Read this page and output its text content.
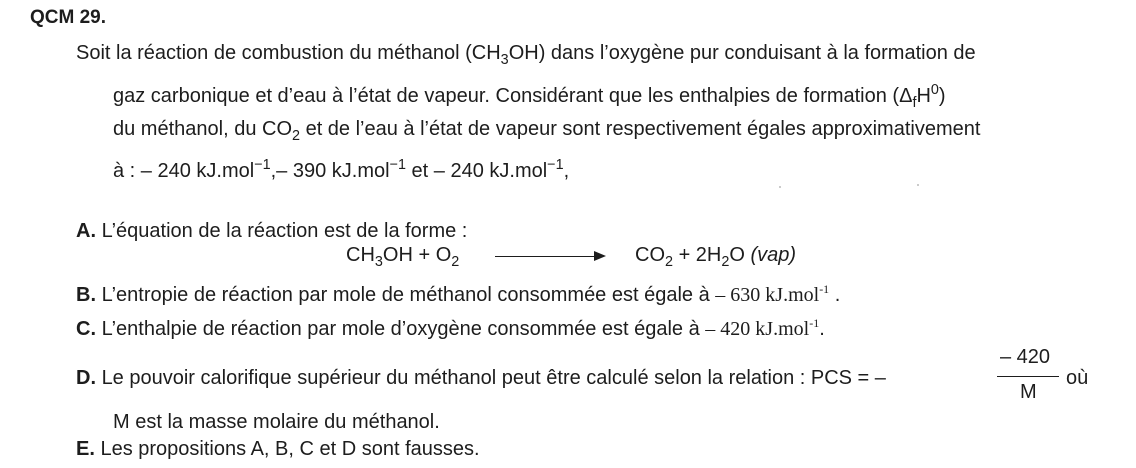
QCM 29.
Soit la réaction de combustion du méthanol $(CH_3OH)$ dans l’oxygène pur conduisant à la formation de
gaz carbonique et d’eau à l’état de vapeur. Considérant que les enthalpies de formation $(\Delta_fH^0)$
du méthanol, du $CO_2$ et de l’eau à l’état de vapeur sont respectivement égales approximativement
à : – 240 kJ.mol$^{-1}$,– 390 kJ.mol$^{-1}$ et – 240 kJ.mol$^{-1}$,
A. L’équation de la réaction est de la forme :
$CH_3OH + O_2$	$CO_2 + 2H_2O$ (vap)
B. L’entropie de réaction par mole de méthanol consommée est égale à – 630 kJ.mol$^{-1}$ .
C. L’enthalpie de réaction par mole d’oxygène consommée est égale à – 420 kJ.mol$^{-1}$.
D. Le pouvoir calorifique supérieur du méthanol peut être calculé selon la relation : PCS = –
– 420
M
où
M est la masse molaire du méthanol.
E. Les propositions A, B, C et D sont fausses.
